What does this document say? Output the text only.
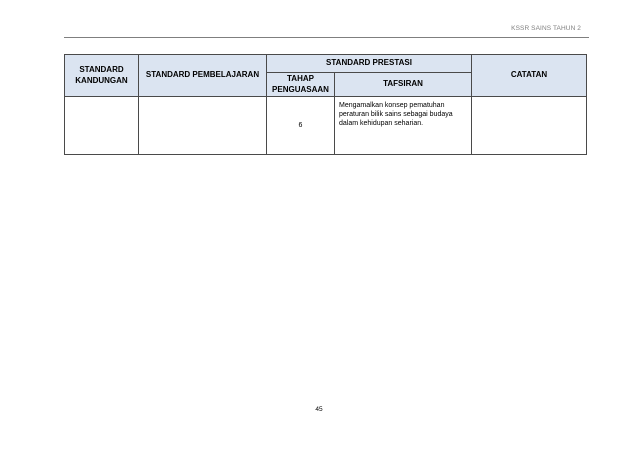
KSSR SAINS TAHUN 2
STANDARD KANDUNGAN	STANDARD PEMBELAJARAN	STANDARD PRESTASI		CATATAN
		TAHAP PENGUASAAN	TAFSIRAN	
		6	Mengamalkan konsep pematuhan peraturan bilik sains sebagai budaya dalam kehidupan seharian.	
45
